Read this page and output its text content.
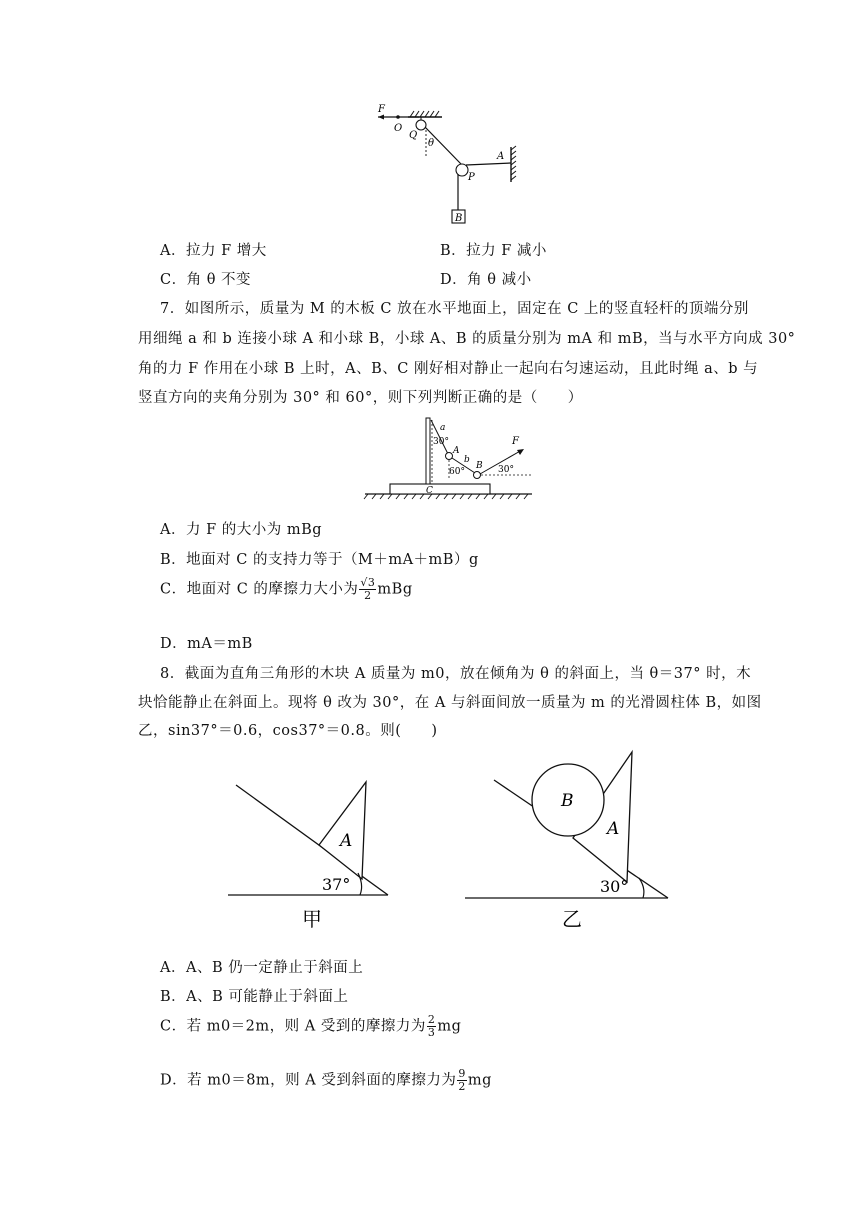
F
O
Q
θ
P
A
B
A．拉力 F 增大	B．拉力 F 减小
C．角 θ 不变	D．角 θ 减小
7．如图所示，质量为 M 的木板 C 放在水平地面上，固定在 C 上的竖直轻杆的顶端分别
用细绳 a 和 b 连接小球 A 和小球 B，小球 A、B 的质量分别为 mA 和 mB，当与水平方向成 30°
角的力 F 作用在小球 B 上时，A、B、C 刚好相对静止一起向右匀速运动，且此时绳 a、b 与
竖直方向的夹角分别为 30° 和 60°，则下列判断正确的是（　　）
C
a
30°
A
b
60°
B
F
30°
A．力 F 的大小为 mBg
B．地面对 C 的支持力等于（M＋mA＋mB）g
C．地面对 C 的摩擦力大小为 $\frac{√3}{2}$ mBg
D．mA＝mB
8．截面为直角三角形的木块 A 质量为 m0，放在倾角为 θ 的斜面上，当 θ＝37° 时，木
块恰能静止在斜面上。现将 θ 改为 30°，在 A 与斜面间放一质量为 m 的光滑圆柱体 B，如图
乙，sin37°＝0.6，cos37°＝0.8。则(　　)
A
37°
甲
B
A
30°
乙
A．A、B 仍一定静止于斜面上
B．A、B 可能静止于斜面上
C．若 m0＝2m，则 A 受到的摩擦力为 $\frac{2}{3}$ mg
D．若 m0＝8m，则 A 受到斜面的摩擦力为 $\frac{9}{2}$ mg
